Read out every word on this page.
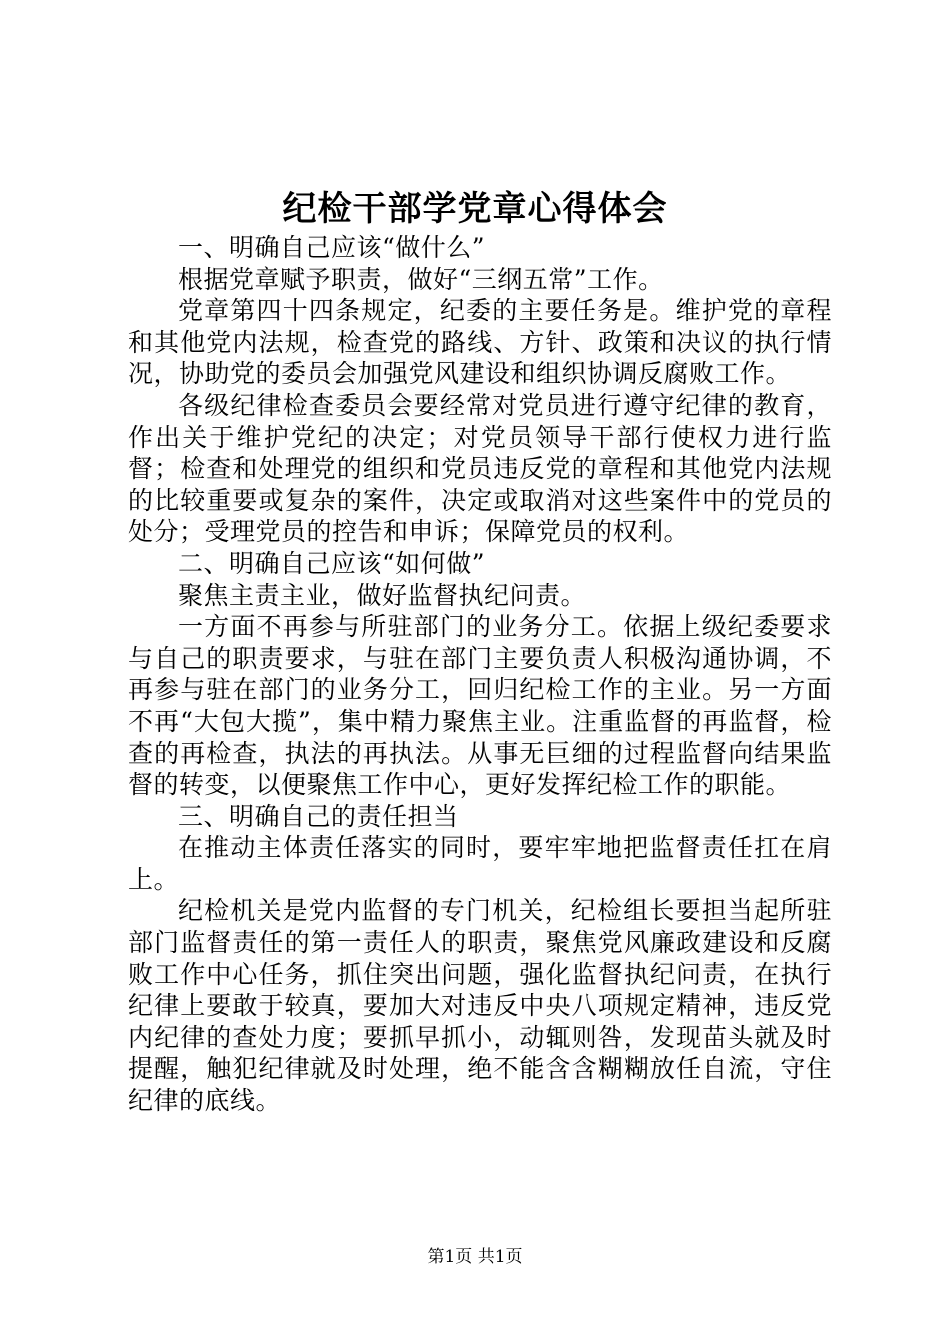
纪检干部学党章心得体会

一、明确自己应该“做什么”

根据党章赋予职责，做好“三纲五常”工作。

党章第四十四条规定，纪委的主要任务是。维护党的章程和其他党内法规，检查党的路线、方针、政策和决议的执行情况，协助党的委员会加强党风建设和组织协调反腐败工作。

各级纪律检查委员会要经常对党员进行遵守纪律的教育，作出关于维护党纪的决定；对党员领导干部行使权力进行监督；检查和处理党的组织和党员违反党的章程和其他党内法规的比较重要或复杂的案件，决定或取消对这些案件中的党员的处分；受理党员的控告和申诉；保障党员的权利。

二、明确自己应该“如何做”

聚焦主责主业，做好监督执纪问责。

一方面不再参与所驻部门的业务分工。依据上级纪委要求与自己的职责要求，与驻在部门主要负责人积极沟通协调，不再参与驻在部门的业务分工，回归纪检工作的主业。另一方面不再“大包大揽”，集中精力聚焦主业。注重监督的再监督，检查的再检查，执法的再执法。从事无巨细的过程监督向结果监督的转变，以便聚焦工作中心，更好发挥纪检工作的职能。

三、明确自己的责任担当

在推动主体责任落实的同时，要牢牢地把监督责任扛在肩上。

纪检机关是党内监督的专门机关，纪检组长要担当起所驻部门监督责任的第一责任人的职责，聚焦党风廉政建设和反腐败工作中心任务，抓住突出问题，强化监督执纪问责，在执行纪律上要敢于较真，要加大对违反中央八项规定精神，违反党内纪律的查处力度；要抓早抓小，动辄则咎，发现苗头就及时提醒，触犯纪律就及时处理，绝不能含含糊糊放任自流，守住纪律的底线。

第1页 共1页
